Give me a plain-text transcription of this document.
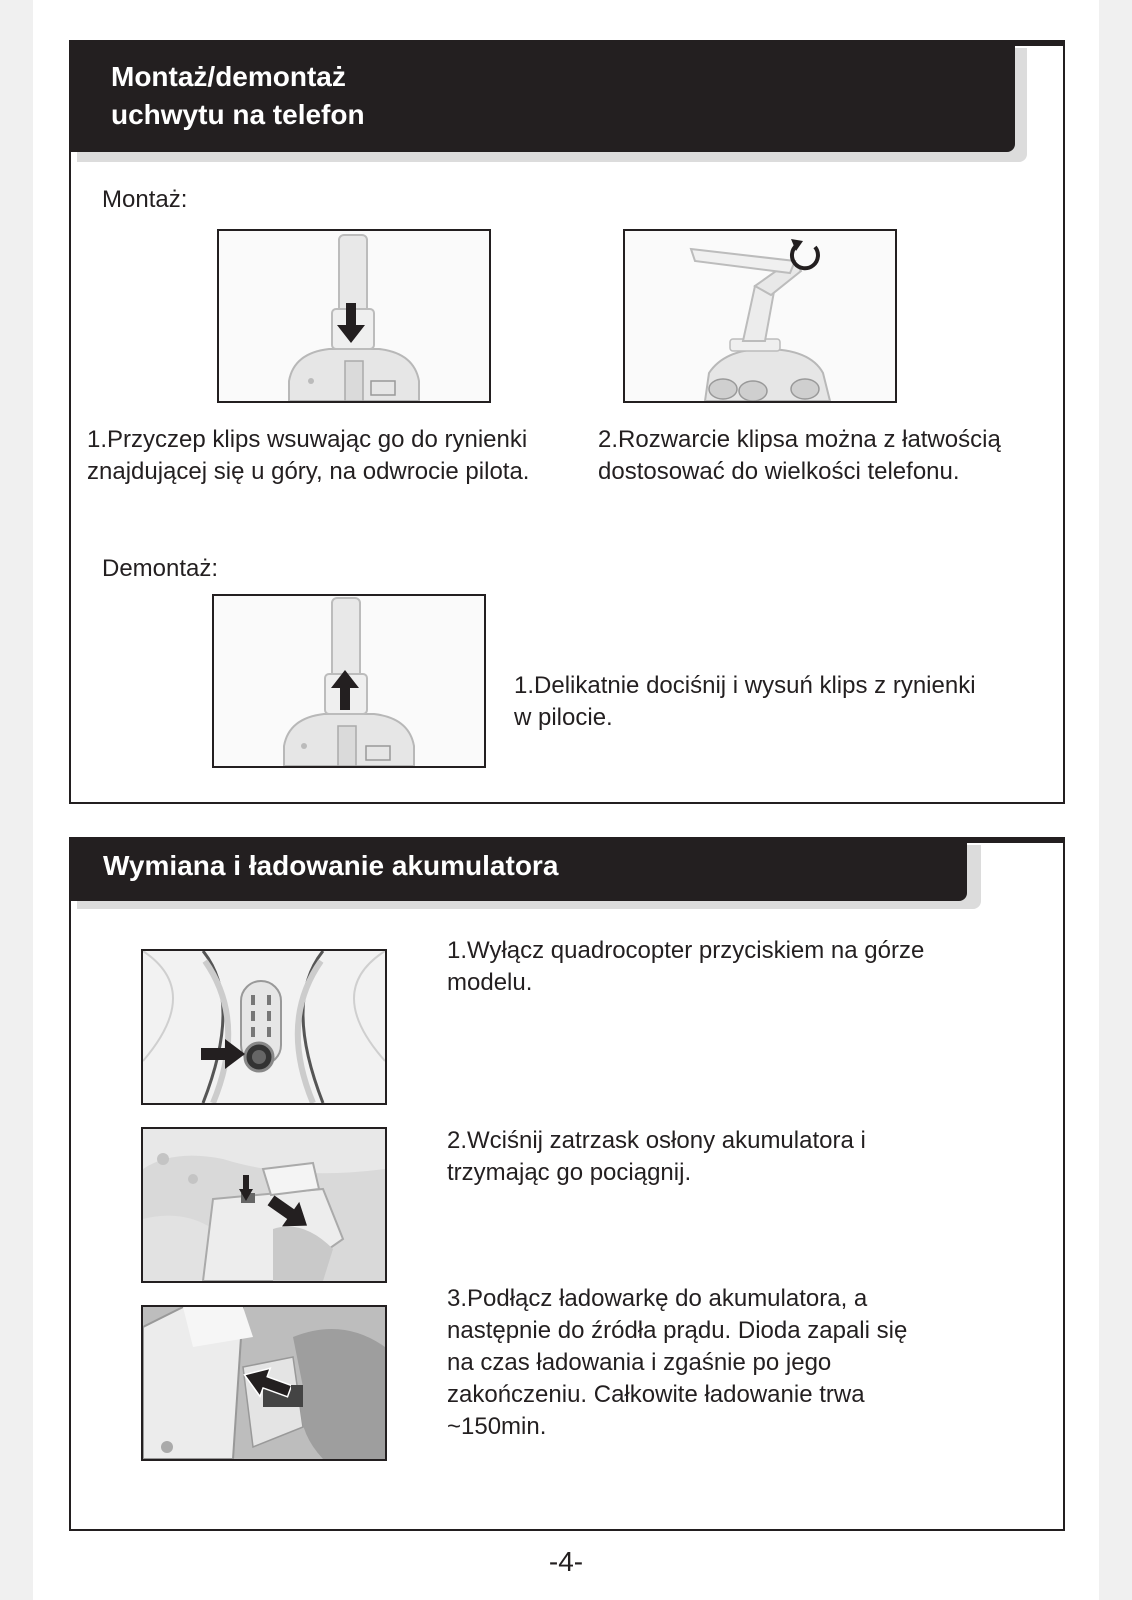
Montaż/demontaż
uchwytu na telefon
Montaż:
1.Przyczep klips wsuwając go do rynienki
znajdującej się u góry, na odwrocie pilota.
2.Rozwarcie klipsa można z łatwością
dostosować do wielkości telefonu.
Demontaż:
1.Delikatnie dociśnij i wysuń klips z rynienki
w pilocie.
Wymiana i ładowanie akumulatora
1.Wyłącz quadrocopter przyciskiem na górze
modelu.
2.Wciśnij zatrzask osłony akumulatora i
trzymając go pociągnij.
3.Podłącz ładowarkę do akumulatora, a
następnie do źródła prądu. Dioda zapali się
na czas ładowania i zgaśnie po jego
zakończeniu. Całkowite ładowanie trwa
~150min.
-4-
